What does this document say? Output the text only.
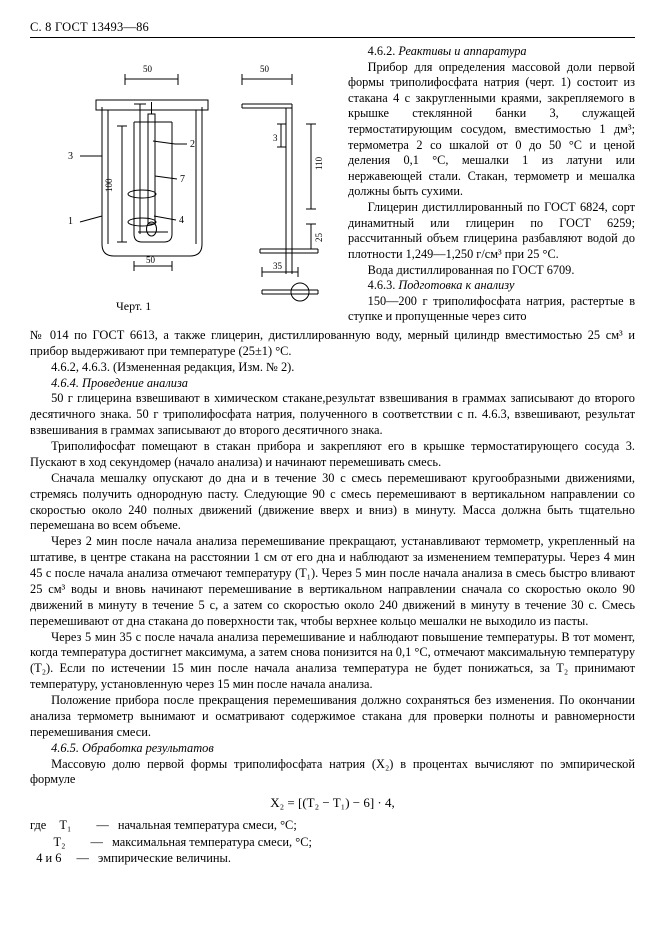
С. 8 ГОСТ 13493—86
50
2
7
4
1
3
100
50
50
3
110
25
35
Черт. 1

4.6.2. Реактивы и аппаратура

Прибор для определения массовой доли первой формы триполифосфата натрия (черт. 1) состоит из стакана 4 с закругленными краями, закрепляемого в крышке стеклянной банки 3, служащей термостатирующим сосудом, вместимостью 1 дм³; термометра 2 со шкалой от 0 до 50 °С и ценой деления 0,1 °С, мешалки 1 из латуни или нержавеющей стали. Стакан, термометр и мешалка должны быть сухими.

Глицерин дистиллированный по ГОСТ 6824, сорт динамитный или глицерин по ГОСТ 6259; рассчитанный объем глицерина разбавляют водой до плотности 1,249—1,250 г/см³ при 25 °С.

Вода дистиллированная по ГОСТ 6709.

4.6.3. Подготовка к анализу

150—200 г триполифосфата натрия, растертые в ступке и пропущенные через сито

№ 014 по ГОСТ 6613, а также глицерин, дистиллированную воду, мерный цилиндр вместимостью 25 см³ и прибор выдерживают при температуре (25±1) °С.

4.6.2, 4.6.3. (Измененная редакция, Изм. № 2).

4.6.4. Проведение анализа

50 г глицерина взвешивают в химическом стакане,результат взвешивания в граммах записывают до второго десятичного знака. 50 г триполифосфата натрия, полученного в соответствии с п. 4.6.3, взвешивают, результат взвешивания в граммах записывают до второго десятичного знака.

Триполифосфат помещают в стакан прибора и закрепляют его в крышке термостатирующего сосуда 3. Пускают в ход секундомер (начало анализа) и начинают перемешивать смесь.

Сначала мешалку опускают до дна и в течение 30 с смесь перемешивают кругообразными движениями, стремясь получить однородную пасту. Следующие 90 с смесь перемешивают в вертикальном направлении со скоростью около 240 полных движений (движение вверх и вниз) в минуту. Масса должна быть тщательно перемешана во всем объеме.

Через 2 мин после начала анализа перемешивание прекращают, устанавливают термометр, укрепленный на штативе, в центре стакана на расстоянии 1 см от его дна и наблюдают за изменением температуры. Через 4 мин 45 с после начала анализа отмечают температуру (T₁). Через 5 мин после начала анализа в смесь быстро вливают 25 см³ воды и вновь начинают перемешивание в вертикальном направлении сначала со скоростью около 90 движений в минуту в течение 5 с, а затем со скоростью около 240 движений в минуту в течение 30 с. Смесь перемешивают от дна стакана до поверхности так, чтобы верхнее кольцо мешалки не выходило из пасты.

Через 5 мин 35 с после начала анализа перемешивание и наблюдают повышение температуры. В тот момент, когда температура достигнет максимума, а затем снова понизится на 0,1 °С, отмечают максимальную температуру (T₂). Если по истечении 15 мин после начала анализа температура не будет понижаться, за T₂ принимают температуру, установленную через 15 мин после начала анализа.

Положение прибора после прекращения перемешивания должно сохраняться без изменения. По окончании анализа термометр вынимают и осматривают содержимое стакана для проверки полноты и равномерности перемешивания смеси.

4.6.5. Обработка результатов

Массовую долю первой формы триполифосфата натрия (X₂) в процентах вычисляют по эмпирической формуле

X₂ = [(T₂ − T₁) − 6] · 4,

где T₁ — начальная температура смеси, °С;

T₂ — максимальная температура смеси, °С;

4 и 6 — эмпирические величины.
